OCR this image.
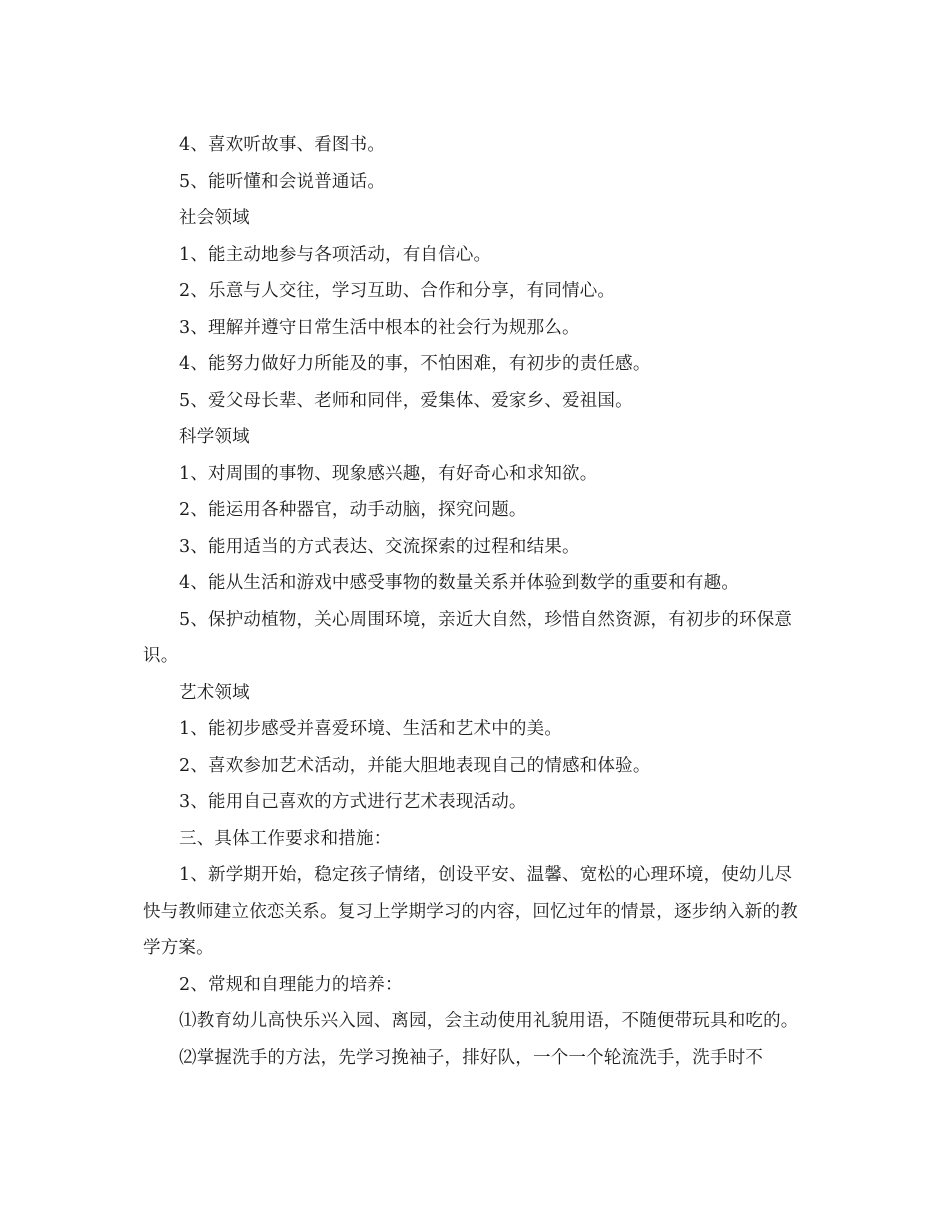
4、喜欢听故事、看图书。

5、能听懂和会说普通话。

社会领域

1、能主动地参与各项活动，有自信心。

2、乐意与人交往，学习互助、合作和分享，有同情心。

3、理解并遵守日常生活中根本的社会行为规那么。

4、能努力做好力所能及的事，不怕困难，有初步的责任感。

5、爱父母长辈、老师和同伴，爱集体、爱家乡、爱祖国。

科学领域

1、对周围的事物、现象感兴趣，有好奇心和求知欲。

2、能运用各种器官，动手动脑，探究问题。

3、能用适当的方式表达、交流探索的过程和结果。

4、能从生活和游戏中感受事物的数量关系并体验到数学的重要和有趣。

5、保护动植物，关心周围环境，亲近大自然，珍惜自然资源，有初步的环保意识。

艺术领域

1、能初步感受并喜爱环境、生活和艺术中的美。

2、喜欢参加艺术活动，并能大胆地表现自己的情感和体验。

3、能用自己喜欢的方式进行艺术表现活动。

三、具体工作要求和措施：

1、新学期开始，稳定孩子情绪，创设平安、温馨、宽松的心理环境，使幼儿尽快与教师建立依恋关系。复习上学期学习的内容，回忆过年的情景，逐步纳入新的教学方案。

2、常规和自理能力的培养：

⑴教育幼儿高快乐兴入园、离园，会主动使用礼貌用语，不随便带玩具和吃的。

⑵掌握洗手的方法，先学习挽袖子，排好队，一个一个轮流洗手，洗手时不
